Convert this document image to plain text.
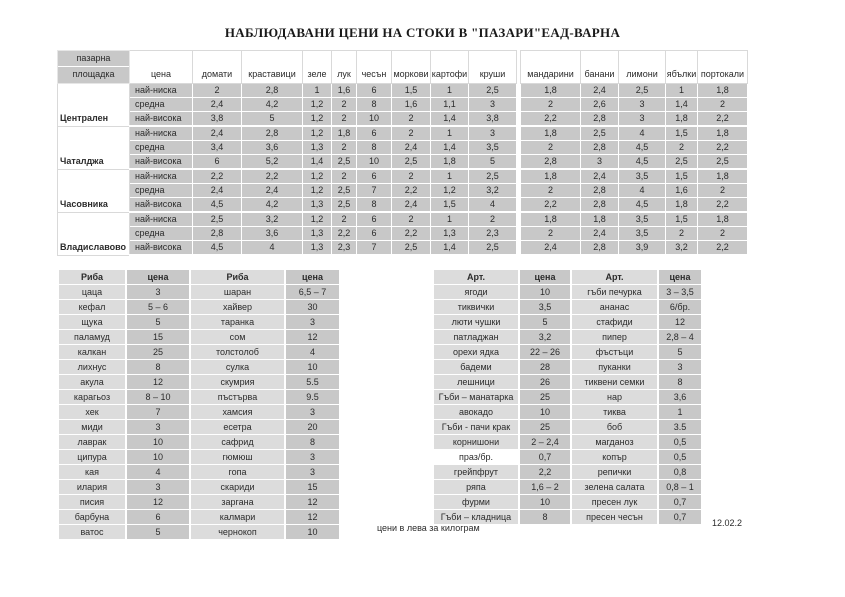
НАБЛЮДАВАНИ ЦЕНИ НА СТОКИ В "ПАЗАРИ"ЕАД-ВАРНА
пазарна
площадка	цена	домати	краставици	зеле	лук	чесън	моркови	картофи	круши		мандарини	банани	лимони	ябълки	портокали
Централен	най-ниска	2	2,8	1	1,6	6	1,5	1	2,5		1,8	2,4	2,5	1	1,8
	средна	2,4	4,2	1,2	2	8	1,6	1,1	3		2	2,6	3	1,4	2
	най-висока	3,8	5	1,2	2	10	2	1,4	3,8		2,2	2,8	3	1,8	2,2
Чаталджа	най-ниска	2,4	2,8	1,2	1,8	6	2	1	3		1,8	2,5	4	1,5	1,8
	средна	3,4	3,6	1,3	2	8	2,4	1,4	3,5		2	2,8	4,5	2	2,2
	най-висока	6	5,2	1,4	2,5	10	2,5	1,8	5		2,8	3	4,5	2,5	2,5
Часовника	най-ниска	2,2	2,2	1,2	2	6	2	1	2,5		1,8	2,4	3,5	1,5	1,8
	средна	2,4	2,4	1,2	2,5	7	2,2	1,2	3,2		2	2,8	4	1,6	2
	най-висока	4,5	4,2	1,3	2,5	8	2,4	1,5	4		2,2	2,8	4,5	1,8	2,2
Владиславово	най-ниска	2,5	3,2	1,2	2	6	2	1	2		1,8	1,8	3,5	1,5	1,8
	средна	2,8	3,6	1,3	2,2	6	2,2	1,3	2,3		2	2,4	3,5	2	2
	най-висока	4,5	4	1,3	2,3	7	2,5	1,4	2,5		2,4	2,8	3,9	3,2	2,2
Риба	цена	Риба	цена
цаца	3	шаран	6,5 – 7
кефал	5 – 6	хайвер	30
щука	5	таранка	3
паламуд	15	сом	12
калкан	25	толстолоб	4
лихнус	8	сулка	10
акула	12	скумрия	5.5
карагьоз	8 – 10	пъстърва	9.5
хек	7	хамсия	3
миди	3	есетра	20
лаврак	10	сафрид	8
ципура	10	гюмюш	3
кая	4	гопа	3
илария	3	скариди	15
писия	12	заргана	12
барбуна	6	калмари	12
ватос	5	чернокоп	10
Арт.	цена	Арт.	цена
ягоди	10	гъби печурка	3 – 3,5
тиквички	3,5	ананас	6/бр.
люти чушки	5	стафиди	12
патладжан	3,2	пипер	2,8 – 4
орехи ядка	22 – 26	фъстъци	5
бадеми	28	пуканки	3
лешници	26	тиквени семки	8
Гъби – манатарка	25	нар	3,6
авокадо	10	тиква	1
Гъби - пачи крак	25	боб	3.5
корнишони	2 – 2,4	магданоз	0,5
праз/бр.	0,7	копър	0,5
грейпфрут	2,2	репички	0,8
ряпа	1,6 – 2	зелена салата	0,8 – 1
фурми	10	пресен лук	0,7
Гъби – кладница	8	пресен чесън	0,7
цени в лева за килограм	12.02.2
